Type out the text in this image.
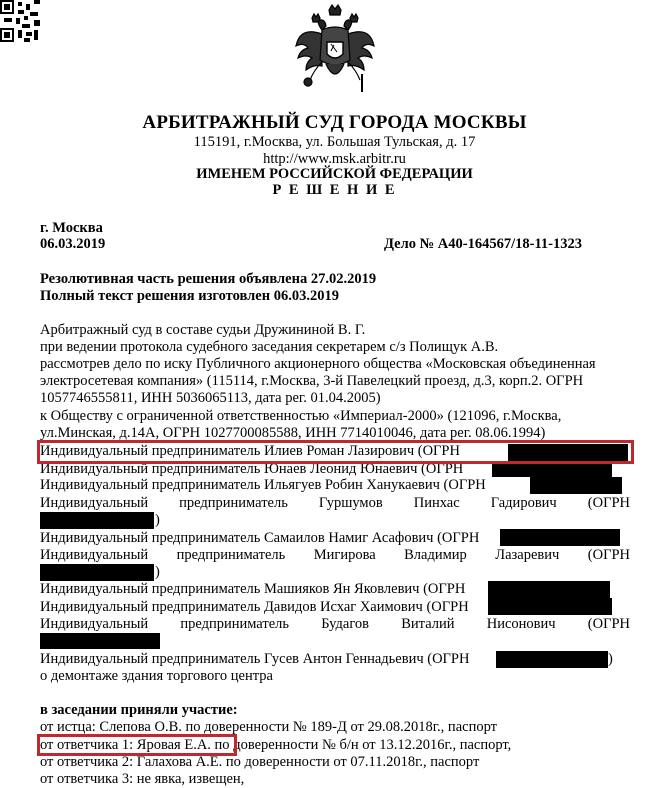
АРБИТРАЖНЫЙ СУД ГОРОДА МОСКВЫ
115191, г.Москва, ул. Большая Тульская, д. 17
http://www.msk.arbitr.ru
ИМЕНЕМ РОССИЙСКОЙ ФЕДЕРАЦИИ
Р Е Ш Е Н И Е
г. Москва
06.03.2019	Дело № А40-164567/18-11-1323
Резолютивная часть решения объявлена 27.02.2019
Полный текст решения изготовлен 06.03.2019
Арбитражный суд в составе судьи Дружининой В. Г.
при ведении протокола судебного заседания секретарем с/з Полищук А.В.
рассмотрев дело по иску Публичного акционерного общества «Московская объединенная
электросетевая компания» (115114, г.Москва, 3-й Павелецкий проезд, д.3, корп.2. ОГРН
1057746555811, ИНН 5036065113, дата рег. 01.04.2005)
к Обществу с ограниченной ответственностью «Империал-2000» (121096, г.Москва,
ул.Минская, д.14А, ОГРН 1027700085588, ИНН 7714010046, дата рег. 08.06.1994)
Индивидуальный предприниматель Илиев Роман Лазирович (ОГРН
Индивидуальный предприниматель Юнаев Леонид Юнаевич (ОГРН
Индивидуальный предприниматель Ильягуев Робин Ханукаевич (ОГРН
Индивидуальный предприниматель Гуршумов Пинхас Гадирович (ОГРН
)
Индивидуальный предприниматель Самаилов Намиг Асафович (ОГРН
Индивидуальный предприниматель Мигирова Владимир Лазаревич (ОГРН
)
Индивидуальный предприниматель Машияков Ян Яковлевич (ОГРН
Индивидуальный предприниматель Давидов Исхаг Хаимович (ОГРН
Индивидуальный предприниматель Будагов Виталий Нисонович (ОГРН
Индивидуальный предприниматель Гусев Антон Геннадьевич (ОГРН	)
о демонтаже здания торгового центра
в заседании приняли участие:
от истца: Слепова О.В. по доверенности № 189-Д от 29.08.2018г., паспорт
от ответчика 1: Яровая Е.А. по доверенности № б/н от 13.12.2016г., паспорт,
от ответчика 2: Галахова А.Е. по доверенности от 07.11.2018г., паспорт
от ответчика 3: не явка, извещен,
